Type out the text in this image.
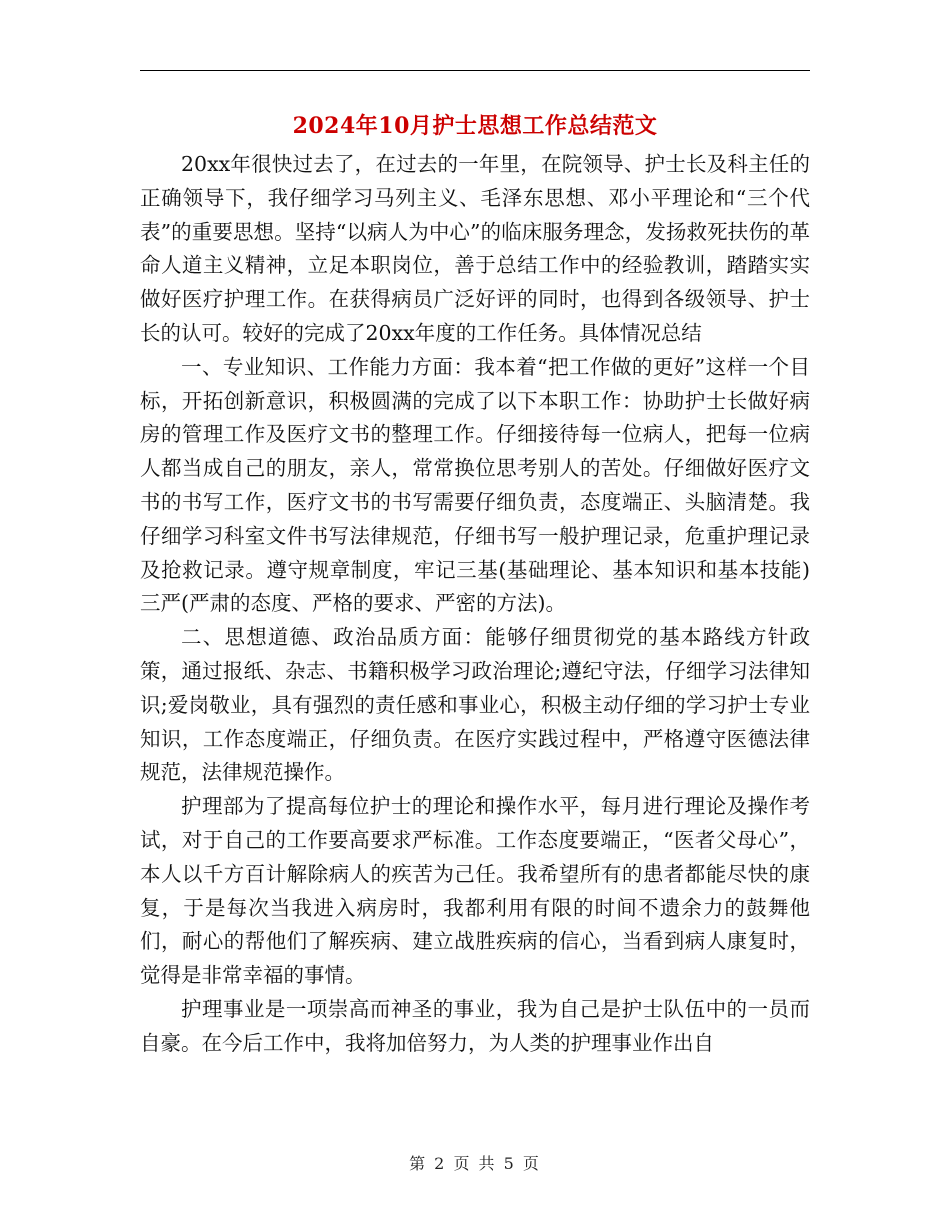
2024年10月护士思想工作总结范文

20xx年很快过去了，在过去的一年里，在院领导、护士长及科主任的正确领导下，我仔细学习马列主义、毛泽东思想、邓小平理论和“三个代表”的重要思想。坚持“以病人为中心”的临床服务理念，发扬救死扶伤的革命人道主义精神，立足本职岗位，善于总结工作中的经验教训，踏踏实实做好医疗护理工作。在获得病员广泛好评的同时，也得到各级领导、护士长的认可。较好的完成了20xx年度的工作任务。具体情况总结

一、专业知识、工作能力方面：我本着“把工作做的更好”这样一个目标，开拓创新意识，积极圆满的完成了以下本职工作：协助护士长做好病房的管理工作及医疗文书的整理工作。仔细接待每一位病人，把每一位病人都当成自己的朋友，亲人，常常换位思考别人的苦处。仔细做好医疗文书的书写工作，医疗文书的书写需要仔细负责，态度端正、头脑清楚。我仔细学习科室文件书写法律规范，仔细书写一般护理记录，危重护理记录及抢救记录。遵守规章制度，牢记三基(基础理论、基本知识和基本技能)三严(严肃的态度、严格的要求、严密的方法)。

二、思想道德、政治品质方面：能够仔细贯彻党的基本路线方针政策，通过报纸、杂志、书籍积极学习政治理论;遵纪守法，仔细学习法律知识;爱岗敬业，具有强烈的责任感和事业心，积极主动仔细的学习护士专业知识，工作态度端正，仔细负责。在医疗实践过程中，严格遵守医德法律规范，法律规范操作。

护理部为了提高每位护士的理论和操作水平，每月进行理论及操作考试，对于自己的工作要高要求严标准。工作态度要端正，“医者父母心”，本人以千方百计解除病人的疾苦为己任。我希望所有的患者都能尽快的康复，于是每次当我进入病房时，我都利用有限的时间不遗余力的鼓舞他们，耐心的帮他们了解疾病、建立战胜疾病的信心，当看到病人康复时，觉得是非常幸福的事情。

护理事业是一项崇高而神圣的事业，我为自己是护士队伍中的一员而自豪。在今后工作中，我将加倍努力，为人类的护理事业作出自

第 2 页 共 5 页
